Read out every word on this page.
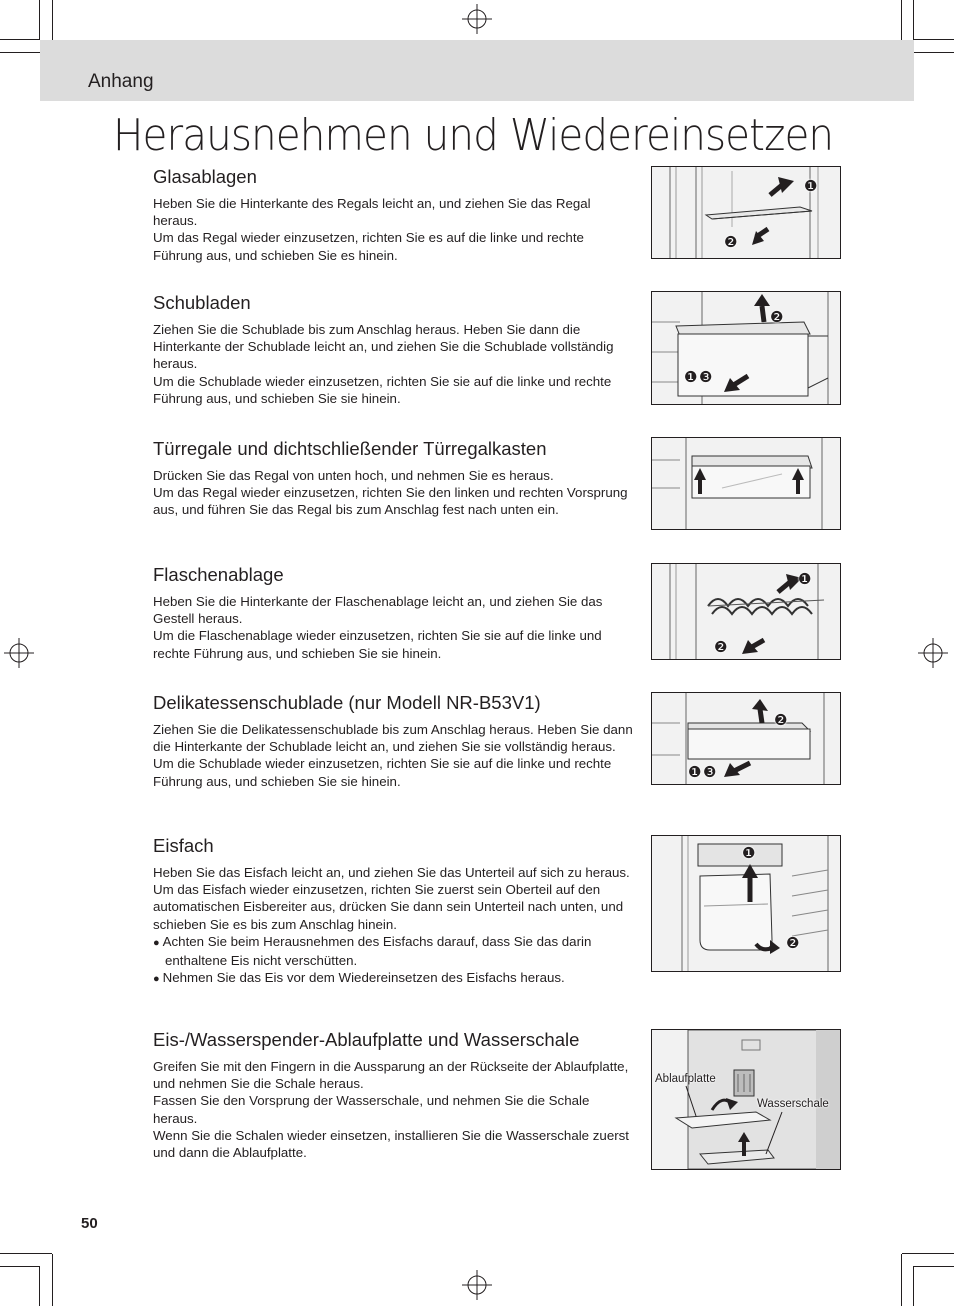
Anhang
Herausnehmen und Wiedereinsetzen
Glasablagen

Heben Sie die Hinterkante des Regals leicht an, und ziehen Sie das Regal heraus.

Um das Regal wieder einzusetzen, richten Sie es auf die linke und rechte Führung aus, und schieben Sie es hinein.

❶
❷
Schubladen

Ziehen Sie die Schublade bis zum Anschlag heraus. Heben Sie dann die Hinterkante der Schublade leicht an, und ziehen Sie die Schublade vollständig heraus.

Um die Schublade wieder einzusetzen, richten Sie sie auf die linke und rechte Führung aus, und schieben Sie sie hinein.

❷
❶ ❸
Türregale und dichtschließender Türregalkasten

Drücken Sie das Regal von unten hoch, und nehmen Sie es heraus.

Um das Regal wieder einzusetzen, richten Sie den linken und rechten Vorsprung aus, und führen Sie das Regal bis zum Anschlag fest nach unten ein.

Flaschenablage

Heben Sie die Hinterkante der Flaschenablage leicht an, und ziehen Sie das Gestell heraus.

Um die Flaschenablage wieder einzusetzen, richten Sie sie auf die linke und rechte Führung aus, und schieben Sie sie hinein.

❶
❷
Delikatessenschublade (nur Modell NR-B53V1)

Ziehen Sie die Delikatessenschublade bis zum Anschlag heraus. Heben Sie dann die Hinterkante der Schublade leicht an, und ziehen Sie sie vollständig heraus.

Um die Schublade wieder einzusetzen, richten Sie sie auf die linke und rechte Führung aus, und schieben Sie sie hinein.

❷
❶ ❸
Eisfach

Heben Sie das Eisfach leicht an, und ziehen Sie das Unterteil auf sich zu heraus.

Um das Eisfach wieder einzusetzen, richten Sie zuerst sein Oberteil auf den automatischen Eisbereiter aus, drücken Sie dann sein Unterteil nach unten, und schieben Sie es bis zum Anschlag hinein.

● Achten Sie beim Herausnehmen des Eisfachs darauf, dass Sie das darin enthaltene Eis nicht verschütten.
● Nehmen Sie das Eis vor dem Wiedereinsetzen des Eisfachs heraus.
❶
❷
Eis-/Wasserspender-Ablaufplatte und Wasserschale

Greifen Sie mit den Fingern in die Aussparung an der Rückseite der Ablaufplatte, und nehmen Sie die Schale heraus.

Fassen Sie den Vorsprung der Wasserschale, und nehmen Sie die Schale heraus.

Wenn Sie die Schalen wieder einsetzen, installieren Sie die Wasserschale zuerst und dann die Ablaufplatte.

Ablaufplatte
Wasserschale
50
